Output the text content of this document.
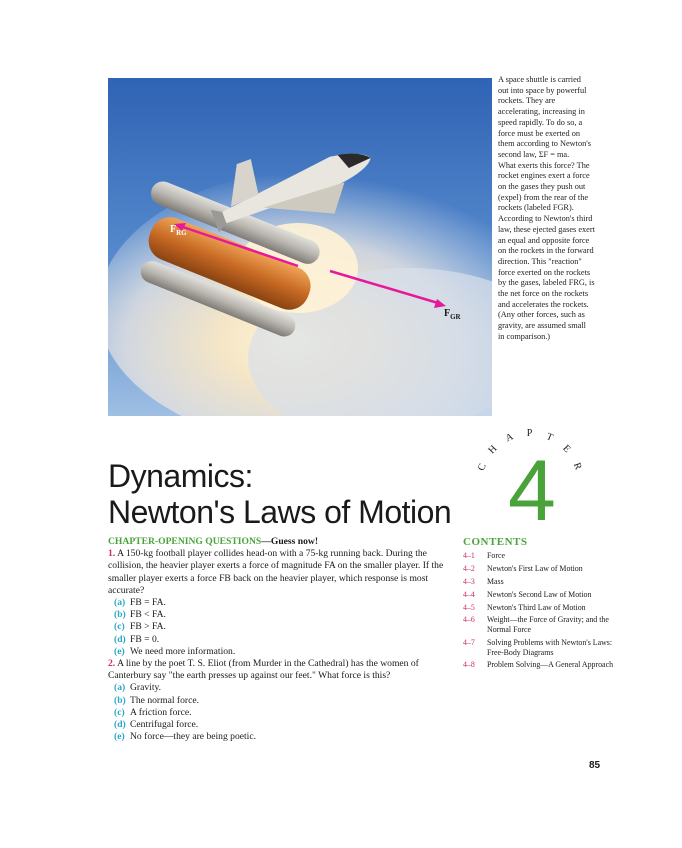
$F_{RG}$
$F_{GR}$

A space shuttle is carried

out into space by powerful

rockets. They are

accelerating, increasing in

speed rapidly. To do so, a

force must be exerted on

them according to Newton's

second law, ΣF = ma.

What exerts this force? The

rocket engines exert a force

on the gases they push out

(expel) from the rear of the

rockets (labeled FGR).

According to Newton's third

law, these ejected gases exert

an equal and opposite force

on the rockets in the forward

direction. This "reaction"

force exerted on the rockets

by the gases, labeled FRG, is

the net force on the rockets

and accelerates the rockets.

(Any other forces, such as

gravity, are assumed small

in comparison.)

C
H
A P T
E
R
4
Dynamics:
Newton's Laws of Motion
CHAPTER-OPENING QUESTIONS—Guess now!

1. A 150-kg football player collides head-on with a 75-kg running back. During the collision, the heavier player exerts a force of magnitude FA on the smaller player. If the smaller player exerts a force FB back on the heavier player, which response is most accurate?

(a) FB = FA.
(b) FB < FA.
(c) FB > FA.
(d) FB = 0.
(e) We need more information.

2. A line by the poet T. S. Eliot (from Murder in the Cathedral) has the women of Canterbury say "the earth presses up against our feet." What force is this?

(a) Gravity.
(b) The normal force.
(c) A friction force.
(d) Centrifugal force.
(e) No force—they are being poetic.
CONTENTS
4–1	Force
4–2	Newton's First Law of Motion
4–3	Mass
4–4	Newton's Second Law of Motion
4–5	Newton's Third Law of Motion
4–6	Weight—the Force of Gravity; and the Normal Force
4–7	Solving Problems with Newton's Laws: Free-Body Diagrams
4–8	Problem Solving—A General Approach
85
